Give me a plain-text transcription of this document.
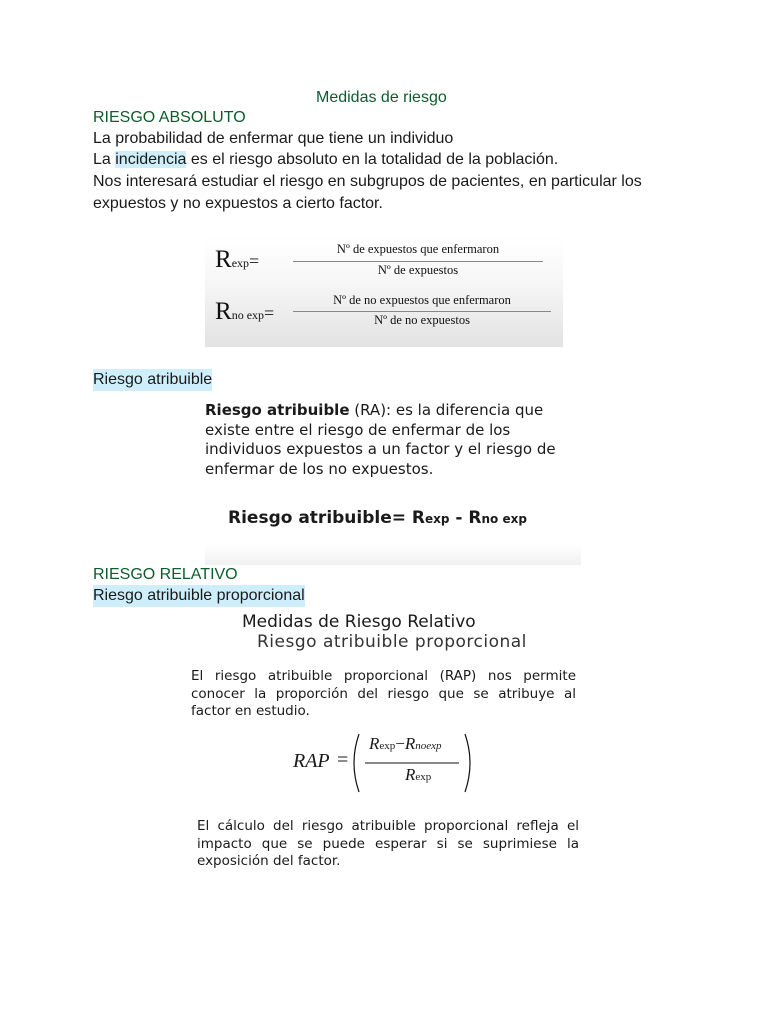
Medidas de riesgo
RIESGO ABSOLUTO
La probabilidad de enfermar que tiene un individuo
La incidencia es el riesgo absoluto en la totalidad de la población.
Nos interesará estudiar el riesgo en subgrupos de pacientes, en particular los expuestos y no expuestos a cierto factor.
Rexp=
Nº de expuestos que enfermaron
Nº de expuestos
Rno exp=
Nº de no expuestos que enfermaron
Nº de no expuestos
Riesgo atribuible
Riesgo atribuible (RA): es la diferencia que existe entre el riesgo de enfermar de los individuos expuestos a un factor y el riesgo de enfermar de los no expuestos.
Riesgo atribuible= Rexp - Rno exp
RIESGO RELATIVO
Riesgo atribuible proporcional
Medidas de Riesgo Relativo
Riesgo atribuible proporcional
El riesgo atribuible proporcional (RAP) nos permite conocer la proporción del riesgo que se atribuye al factor en estudio.
RAP =
Rexp−Rnoexp
Rexp
El cálculo del riesgo atribuible proporcional refleja el impacto que se puede esperar si se suprimiese la exposición del factor.
